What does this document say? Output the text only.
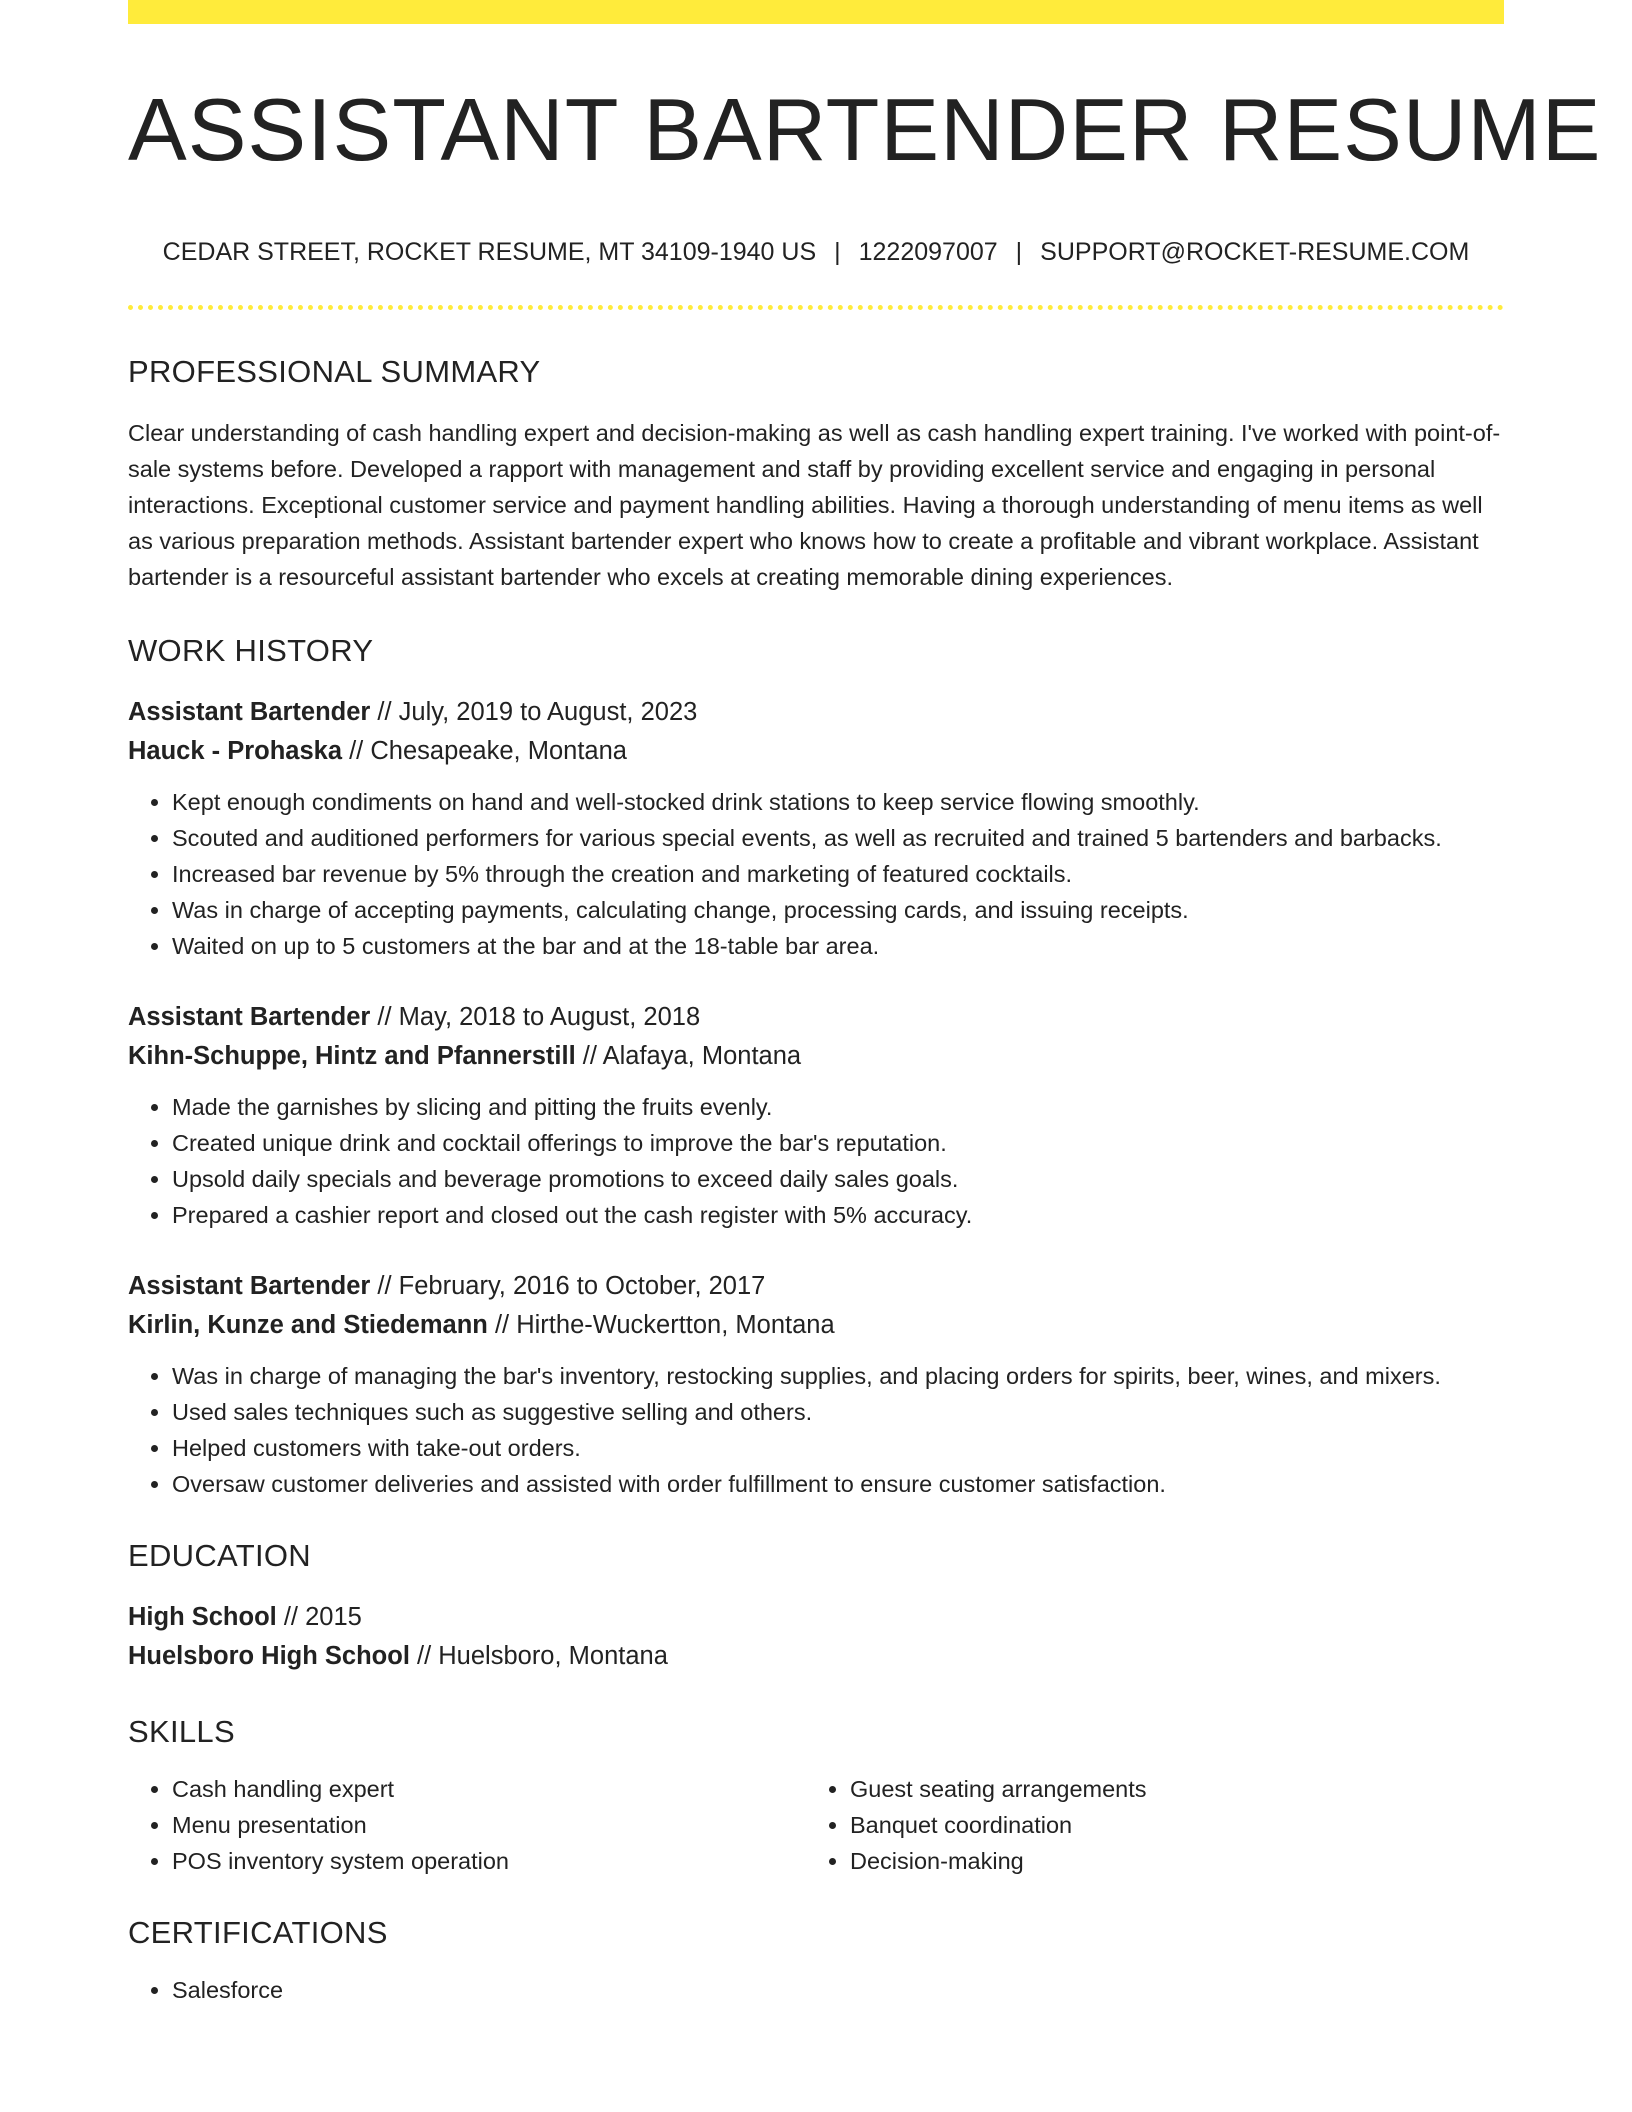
ASSISTANT BARTENDER RESUME
CEDAR STREET, ROCKET RESUME, MT 34109-1940 US | 1222097007 | SUPPORT@ROCKET-RESUME.COM
PROFESSIONAL SUMMARY
Clear understanding of cash handling expert and decision-making as well as cash handling expert training. I've worked with point-of-sale systems before. Developed a rapport with management and staff by providing excellent service and engaging in personal interactions. Exceptional customer service and payment handling abilities. Having a thorough understanding of menu items as well as various preparation methods. Assistant bartender expert who knows how to create a profitable and vibrant workplace. Assistant bartender is a resourceful assistant bartender who excels at creating memorable dining experiences.
WORK HISTORY
Assistant Bartender // July, 2019 to August, 2023
Hauck - Prohaska // Chesapeake, Montana
• Kept enough condiments on hand and well-stocked drink stations to keep service flowing smoothly.
• Scouted and auditioned performers for various special events, as well as recruited and trained 5 bartenders and barbacks.
• Increased bar revenue by 5% through the creation and marketing of featured cocktails.
• Was in charge of accepting payments, calculating change, processing cards, and issuing receipts.
• Waited on up to 5 customers at the bar and at the 18-table bar area.
Assistant Bartender // May, 2018 to August, 2018
Kihn-Schuppe, Hintz and Pfannerstill // Alafaya, Montana
• Made the garnishes by slicing and pitting the fruits evenly.
• Created unique drink and cocktail offerings to improve the bar's reputation.
• Upsold daily specials and beverage promotions to exceed daily sales goals.
• Prepared a cashier report and closed out the cash register with 5% accuracy.
Assistant Bartender // February, 2016 to October, 2017
Kirlin, Kunze and Stiedemann // Hirthe-Wuckertton, Montana
• Was in charge of managing the bar's inventory, restocking supplies, and placing orders for spirits, beer, wines, and mixers.
• Used sales techniques such as suggestive selling and others.
• Helped customers with take-out orders.
• Oversaw customer deliveries and assisted with order fulfillment to ensure customer satisfaction.
EDUCATION
High School // 2015
Huelsboro High School // Huelsboro, Montana
SKILLS
• Cash handling expert
• Menu presentation
• POS inventory system operation
• Guest seating arrangements
• Banquet coordination
• Decision-making
CERTIFICATIONS
• Salesforce
